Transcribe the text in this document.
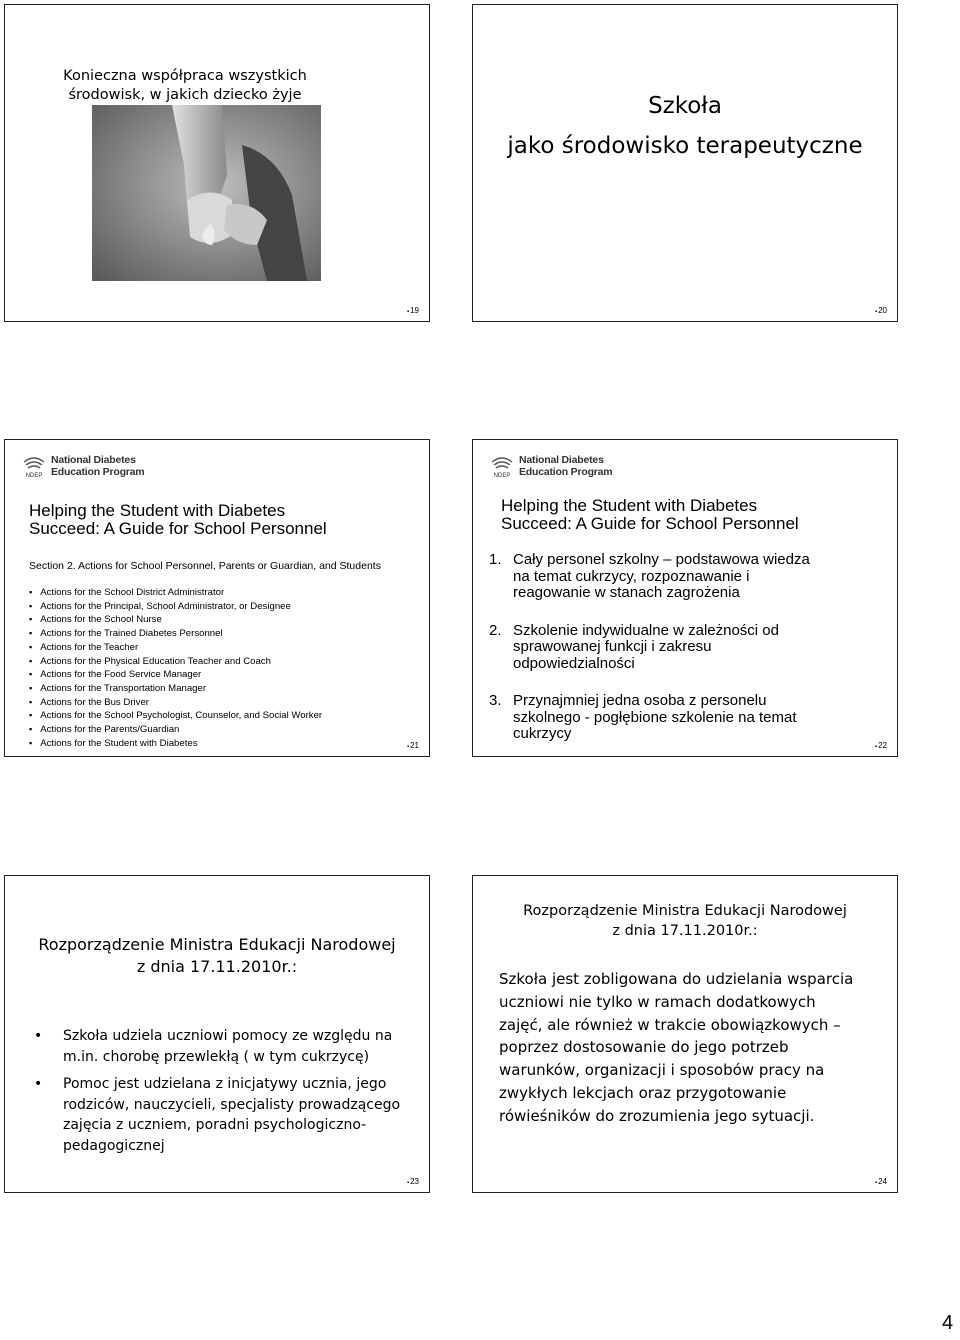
Konieczna współpraca wszystkich
środowisk, w jakich dziecko żyje
▪ 19
Szkoła
jako środowisko terapeutyczne
▪ 20
NDEP
National Diabetes
Education Program
Helping the Student with Diabetes
Succeed: A Guide for School Personnel
Section 2. Actions for School Personnel, Parents or Guardian, and Students
▪ Actions for the School District Administrator
▪ Actions for the Principal, School Administrator, or Designee
▪ Actions for the School Nurse
▪ Actions for the Trained Diabetes Personnel
▪ Actions for the Teacher
▪ Actions for the Physical Education Teacher and Coach
▪ Actions for the Food Service Manager
▪ Actions for the Transportation Manager
▪ Actions for the Bus Driver
▪ Actions for the School Psychologist, Counselor, and Social Worker
▪ Actions for the Parents/Guardian
▪ Actions for the Student with Diabetes
▪	21
NDEP
National Diabetes
Education Program
Helping the Student with Diabetes
Succeed: A Guide for School Personnel
1. Cały personel szkolny – podstawowa wiedza
na temat cukrzycy, rozpoznawanie i
reagowanie w stanach zagrożenia
2. Szkolenie indywidualne w zależności od
sprawowanej funkcji i zakresu
odpowiedzialności
3. Przynajmniej jedna osoba z personelu
szkolnego - pogłębione szkolenie na temat
cukrzycy
▪ 22
Rozporządzenie Ministra Edukacji Narodowej
z dnia 17.11.2010r.:
• Szkoła udziela uczniowi pomocy ze względu na
m.in. chorobę przewlekłą ( w tym cukrzycę)
• Pomoc jest udzielana z inicjatywy ucznia, jego
rodziców, nauczycieli, specjalisty prowadzącego
zajęcia z uczniem, poradni psychologiczno-
pedagogicznej
▪ 23
Rozporządzenie Ministra Edukacji Narodowej
z dnia 17.11.2010r.:
Szkoła jest zobligowana do udzielania wsparcia
uczniowi nie tylko w ramach dodatkowych
zajęć, ale również w trakcie obowiązkowych –
poprzez dostosowanie do jego potrzeb
warunków, organizacji i sposobów pracy na
zwykłych lekcjach oraz przygotowanie
rówieśników do zrozumienia jego sytuacji.
▪ 24
4
